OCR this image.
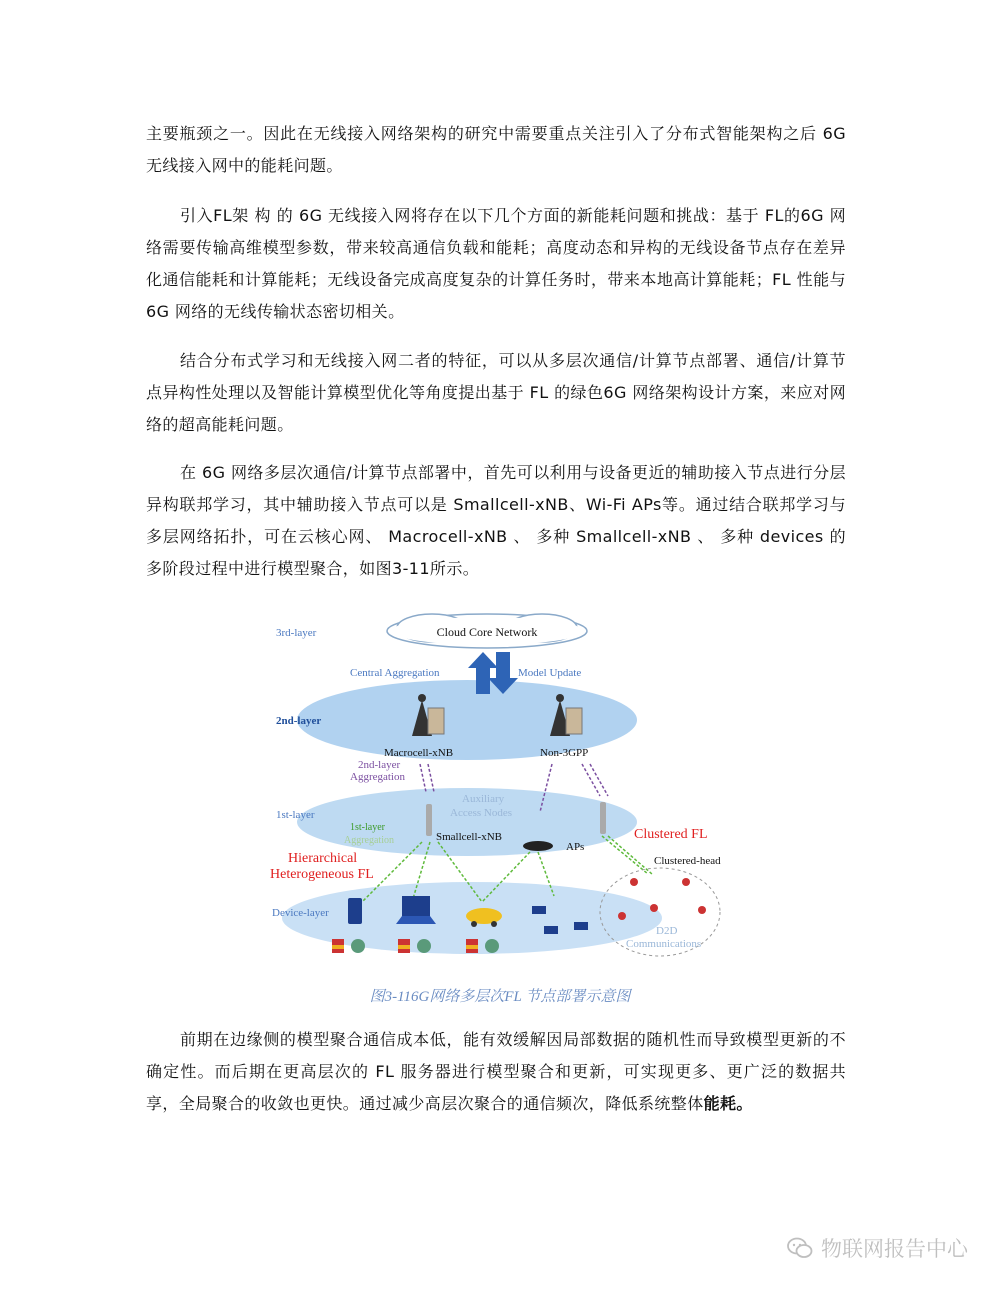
主要瓶颈之一。因此在无线接入网络架构的研究中需要重点关注引入了分布式智能架构之后 6G 无线接入网中的能耗问题。

引入FL架 构 的 6G 无线接入网将存在以下几个方面的新能耗问题和挑战：基于 FL的6G 网络需要传输高维模型参数，带来较高通信负载和能耗；高度动态和异构的无线设备节点存在差异化通信能耗和计算能耗；无线设备完成高度复杂的计算任务时，带来本地高计算能耗；FL 性能与6G 网络的无线传输状态密切相关。

结合分布式学习和无线接入网二者的特征，可以从多层次通信/计算节点部署、通信/计算节点异构性处理以及智能计算模型优化等角度提出基于 FL 的绿色6G 网络架构设计方案，来应对网络的超高能耗问题。

在 6G 网络多层次通信/计算节点部署中，首先可以利用与设备更近的辅助接入节点进行分层异构联邦学习，其中辅助接入节点可以是 Smallcell-xNB、Wi-Fi APs等。通过结合联邦学习与多层网络拓扑，可在云核心网、 Macrocell-xNB 、 多种 Smallcell-xNB 、 多种 devices 的多阶段过程中进行模型聚合，如图3-11所示。

Cloud Core Network
3rd-layer
2nd-layer
1st-layer
Device-layer
Central Aggregation	Model Update
Macrocell-xNB	Non-3GPP
2nd-layer
Aggregation
Auxiliary
Access Nodes
Smallcell-xNB
APs
1st-layer
Aggregation	Clustered FL
Clustered-head
Hierarchical
Heterogeneous FL
D2D
Communications
图3-116G网络多层次FL 节点部署示意图

前期在边缘侧的模型聚合通信成本低，能有效缓解因局部数据的随机性而导致模型更新的不确定性。而后期在更高层次的 FL 服务器进行模型聚合和更新，可实现更多、更广泛的数据共享，全局聚合的收敛也更快。通过减少高层次聚合的通信频次，降低系统整体能耗。

物联网报告中心
